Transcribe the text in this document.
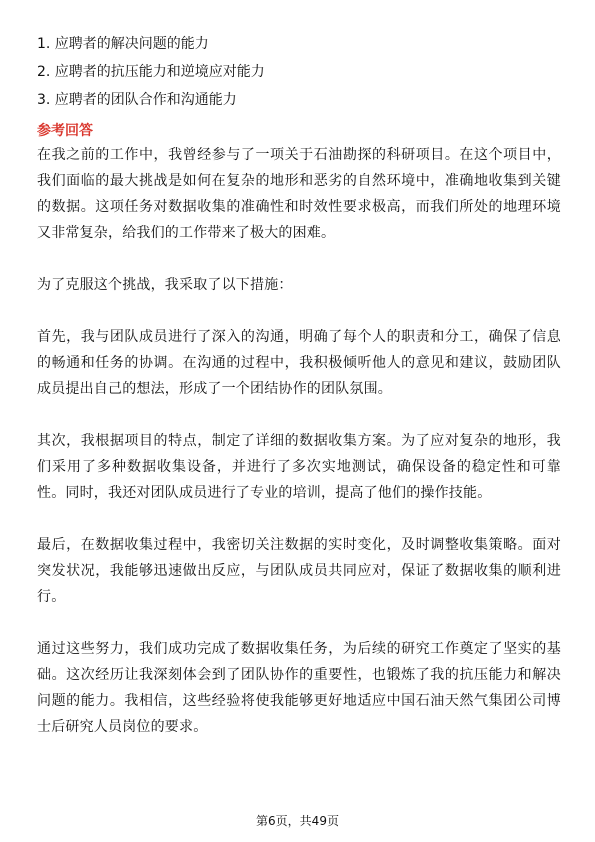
1. 应聘者的解决问题的能力
2. 应聘者的抗压能力和逆境应对能力
3. 应聘者的团队合作和沟通能力
参考回答

在我之前的工作中，我曾经参与了一项关于石油勘探的科研项目。在这个项目中，我们面临的最大挑战是如何在复杂的地形和恶劣的自然环境中，准确地收集到关键的数据。这项任务对数据收集的准确性和时效性要求极高，而我们所处的地理环境又非常复杂，给我们的工作带来了极大的困难。

为了克服这个挑战，我采取了以下措施：

首先，我与团队成员进行了深入的沟通，明确了每个人的职责和分工，确保了信息的畅通和任务的协调。在沟通的过程中，我积极倾听他人的意见和建议，鼓励团队成员提出自己的想法，形成了一个团结协作的团队氛围。

其次，我根据项目的特点，制定了详细的数据收集方案。为了应对复杂的地形，我们采用了多种数据收集设备，并进行了多次实地测试，确保设备的稳定性和可靠性。同时，我还对团队成员进行了专业的培训，提高了他们的操作技能。

最后，在数据收集过程中，我密切关注数据的实时变化，及时调整收集策略。面对突发状况，我能够迅速做出反应，与团队成员共同应对，保证了数据收集的顺利进行。

通过这些努力，我们成功完成了数据收集任务，为后续的研究工作奠定了坚实的基础。这次经历让我深刻体会到了团队协作的重要性，也锻炼了我的抗压能力和解决问题的能力。我相信，这些经验将使我能够更好地适应中国石油天然气集团公司博士后研究人员岗位的要求。

第6页，共49页
